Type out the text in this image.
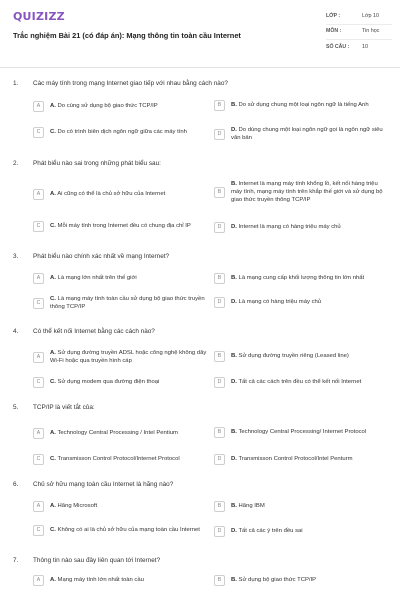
QUIZIZZ
Trắc nghiệm Bài 21 (có đáp án): Mạng thông tin toàn cầu Internet
LỚP :	Lớp 10
MÔN :	Tin học
SỐ CÂU :	10
1. Các máy tính trong mạng Internet giao tiếp với nhau bằng cách nào?
A	A. Do cùng sử dụng bộ giao thức TCP/IP	B	B. Do sử dụng chung một loại ngôn ngữ là tiếng Anh
C	C. Do có trình biên dịch ngôn ngữ giữa các máy tính	D
D. Do dùng chung một loại ngôn ngữ gọi là ngôn ngữ siêu văn bản
2. Phát biểu nào sai trong những phát biểu sau:
A	A. Ai cũng có thể là chủ sở hữu của Internet	B
B. Internet là mạng máy tính khổng lồ, kết nối hàng triệu máy tính, mạng máy tính trên khắp thế giới và sử dụng bộ giao thức truyền thông TCP/IP
C	C. Mỗi máy tính trong Internet đều có chung địa chỉ IP	D	D. Internet là mạng có hàng triệu máy chủ
3. Phát biểu nào chính xác nhất về mạng Internet?
A	A. Là mạng lớn nhất trên thế giới	B	B. Là mạng cung cấp khối lượng thông tin lớn nhất
C
C. Là mạng máy tính toàn cầu sử dụng bộ giao thức truyền thông TCP/IP
D	D. Là mạng có hàng triệu máy chủ
4. Có thể kết nối Internet bằng các cách nào?
A
A. Sử dụng đường truyền ADSL hoặc công nghệ không dây Wi-Fi hoặc qua truyền hình cáp
B	B. Sử dụng đường truyền riêng (Leased line)
C	C. Sử dụng modem qua đường điện thoại	D	D. Tất cả các cách trên đều có thể kết nối Internet
5. TCP/IP là viết tắt của:
A	A. Technology Central Processing / Intel Pentium	B	B. Technology Central Processing/ Internet Protocol
C	C. Transmisson Control Protocol/Internet Protocol	D	D. Transmisson Control Protocol/Intel Penturm
6. Chủ sở hữu mạng toàn cầu Internet là hãng nào?
A	A. Hãng Microsoft	B	B. Hãng IBM
C	C. Không có ai là chủ sở hữu của mạng toàn cầu Internet	D	D. Tất cả các ý trên đều sai
7. Thông tin nào sau đây liên quan tới Internet?
A	A. Mạng máy tính lớn nhất toàn cầu	B	B. Sử dụng bộ giao thức TCP/IP
